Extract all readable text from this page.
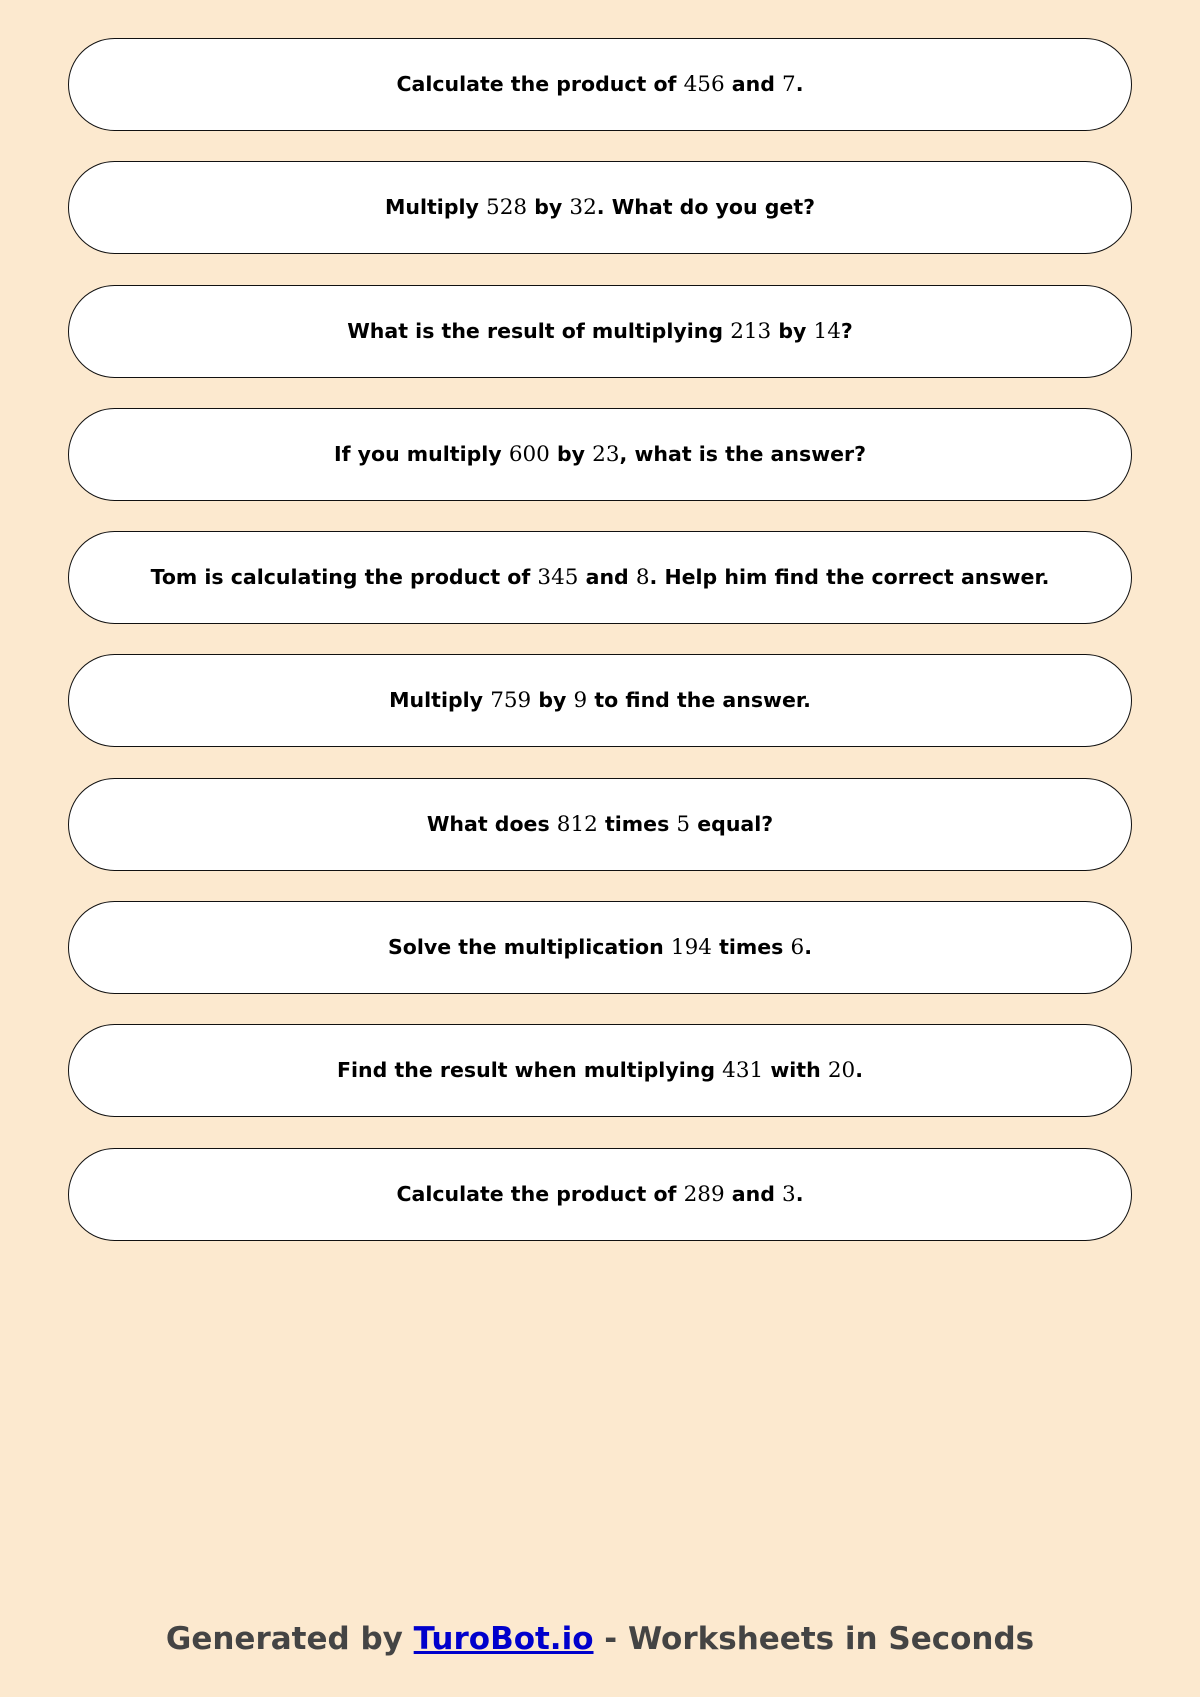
Calculate the product of 456 and 7.
Multiply 528 by 32. What do you get?
What is the result of multiplying 213 by 14?
If you multiply 600 by 23, what is the answer?
Tom is calculating the product of 345 and 8. Help him find the correct answer.
Multiply 759 by 9 to find the answer.
What does 812 times 5 equal?
Solve the multiplication 194 times 6.
Find the result when multiplying 431 with 20.
Calculate the product of 289 and 3.
Generated by TuroBot.io - Worksheets in Seconds
